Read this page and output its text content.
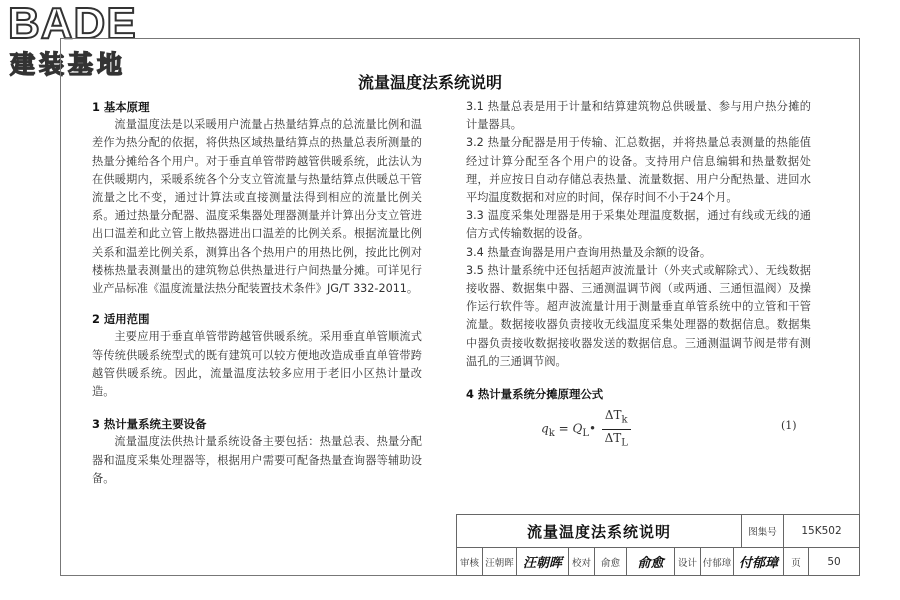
BADE
建装基地
流量温度法系统说明
1 基本原理

流量温度法是以采暖用户流量占热量结算点的总流量比例和温差作为热分配的依据，将供热区域热量结算点的热量总表所测量的热量分摊给各个用户。对于垂直单管带跨越管供暖系统，此法认为在供暖期内，采暖系统各个分支立管流量与热量结算点供暖总干管流量之比不变，通过计算法或直接测量法得到相应的流量比例关系。通过热量分配器、温度采集器处理器测量并计算出分支立管进出口温差和此立管上散热器进出口温差的比例关系。根据流量比例关系和温差比例关系，测算出各个热用户的用热比例，按此比例对楼栋热量表测量出的建筑物总供热量进行户间热量分摊。可详见行业产品标准《温度流量法热分配装置技术条件》JG/T 332-2011。

2 适用范围

主要应用于垂直单管带跨越管供暖系统。采用垂直单管顺流式等传统供暖系统型式的既有建筑可以较方便地改造成垂直单管带跨越管供暖系统。因此，流量温度法较多应用于老旧小区热计量改造。

3 热计量系统主要设备

流量温度法供热计量系统设备主要包括：热量总表、热量分配器和温度采集处理器等，根据用户需要可配备热量查询器等辅助设备。

3.1 热量总表是用于计量和结算建筑物总供暖量、参与用户热分摊的计量器具。

3.2 热量分配器是用于传输、汇总数据，并将热量总表测量的热能值经过计算分配至各个用户的设备。支持用户信息编辑和热量数据处理，并应按日自动存储总表热量、流量数据、用户分配热量、进回水平均温度数据和对应的时间，保存时间不小于24个月。

3.3 温度采集处理器是用于采集处理温度数据，通过有线或无线的通信方式传输数据的设备。

3.4 热量查询器是用户查询用热量及余额的设备。

3.5 热计量系统中还包括超声波流量计（外夹式或解除式）、无线数据接收器、数据集中器、三通测温调节阀（或两通、三通恒温阀）及操作运行软件等。超声波流量计用于测量垂直单管系统中的立管和干管流量。数据接收器负责接收无线温度采集处理器的数据信息。数据集中器负责接收数据接收器发送的数据信息。三通测温调节阀是带有测温孔的三通调节阀。

4 热计量系统分摊原理公式
$q_k$ = $Q_L• \frac{\Delta T_k}{\Delta T_L}$	(1)
流量温度法系统说明	图集号	15K502
审核 汪朝晖 汪朝晖	校对	俞愈	俞愈	设计 付郁璋 付郁璋	页	50
